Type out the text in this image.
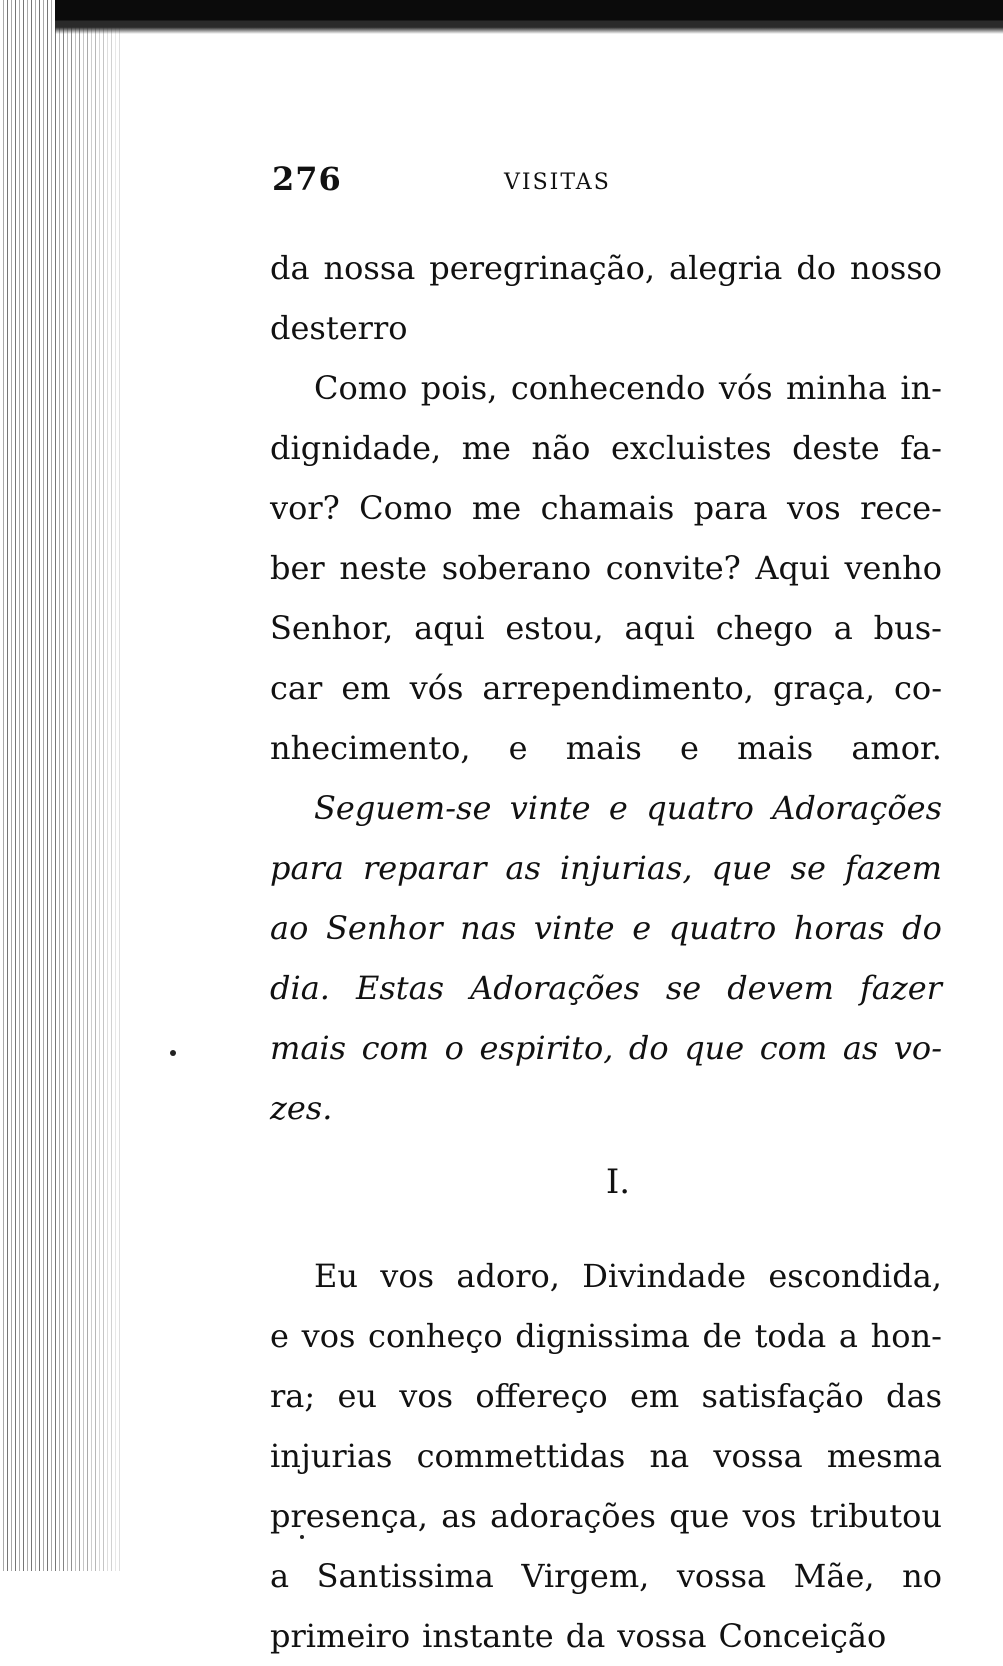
276	VISITAS
da nossa peregrinação, alegria do nosso
desterro
Como pois, conhecendo vós minha in-
dignidade, me não excluistes deste fa-
vor? Como me chamais para vos rece-
ber neste soberano convite? Aqui venho
Senhor, aqui estou, aqui chego a bus-
car em vós arrependimento, graça, co-
nhecimento, e mais e mais amor.
Seguem-se vinte e quatro Adorações
para reparar as injurias, que se fazem
ao Senhor nas vinte e quatro horas do
dia. Estas Adorações se devem fazer
mais com o espirito, do que com as vo-
zes.
I.
Eu vos adoro, Divindade escondida,
e vos conheço dignissima de toda a hon-
ra; eu vos offereço em satisfação das
injurias commettidas na vossa mesma
presença, as adorações que vos tributou
a Santissima Virgem, vossa Mãe, no
primeiro instante da vossa Conceição
